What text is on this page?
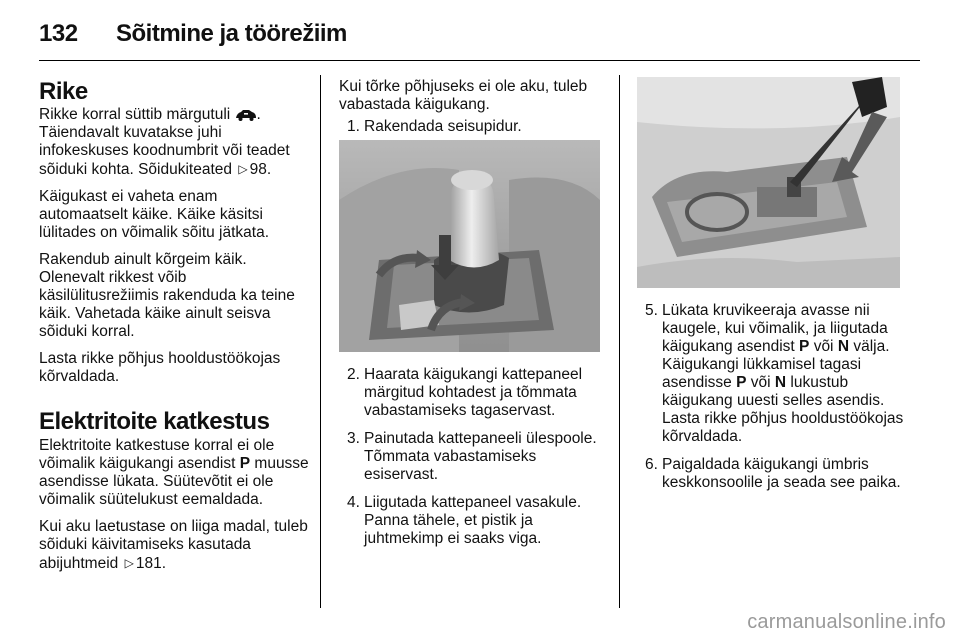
132 Sõitmine ja töörežiim
Rike

Rikke korral süttib märgutuli . Täiendavalt kuvatakse juhi infokeskuses koodnumbrit või teadet sõiduki kohta. Sõidukiteated ▷ 98.

Käigukast ei vaheta enam automaatselt käike. Käike käsitsi lülitades on võimalik sõitu jätkata.

Rakendub ainult kõrgeim käik. Olenevalt rikkest võib käsilülitusrežiimis rakenduda ka teine käik. Vahetada käike ainult seisva sõiduki korral.

Lasta rikke põhjus hooldustöökojas kõrvaldada.

Elektritoite katkestus

Elektritoite katkestuse korral ei ole võimalik käigukangi asendist P muusse asendisse lükata. Süütevõtit ei ole võimalik süütelukust eemaldada.

Kui aku laetustase on liiga madal, tuleb sõiduki käivitamiseks kasutada abijuhtmeid ▷ 181.

Kui tõrke põhjuseks ei ole aku, tuleb vabastada käigukang.

1. Rakendada seisupidur.
2. Haarata käigukangi kattepaneel märgitud kohtadest ja tõmmata vabastamiseks tagaservast.
3. Painutada kattepaneeli ülespoole. Tõmmata vabastamiseks esiservast.
4. Liigutada kattepaneel vasakule. Panna tähele, et pistik ja juhtmekimp ei saaks viga.
5. Lükata kruvikeeraja avasse nii kaugele, kui võimalik, ja liigutada käigukang asendist P või N välja. Käigukangi lükkamisel tagasi asendisse P või N lukustub käigukang uuesti selles asendis. Lasta rikke põhjus hooldustöökojas kõrvaldada.
6. Paigaldada käigukangi ümbris keskkonsoolile ja seada see paika.
carmanualsonline.info
